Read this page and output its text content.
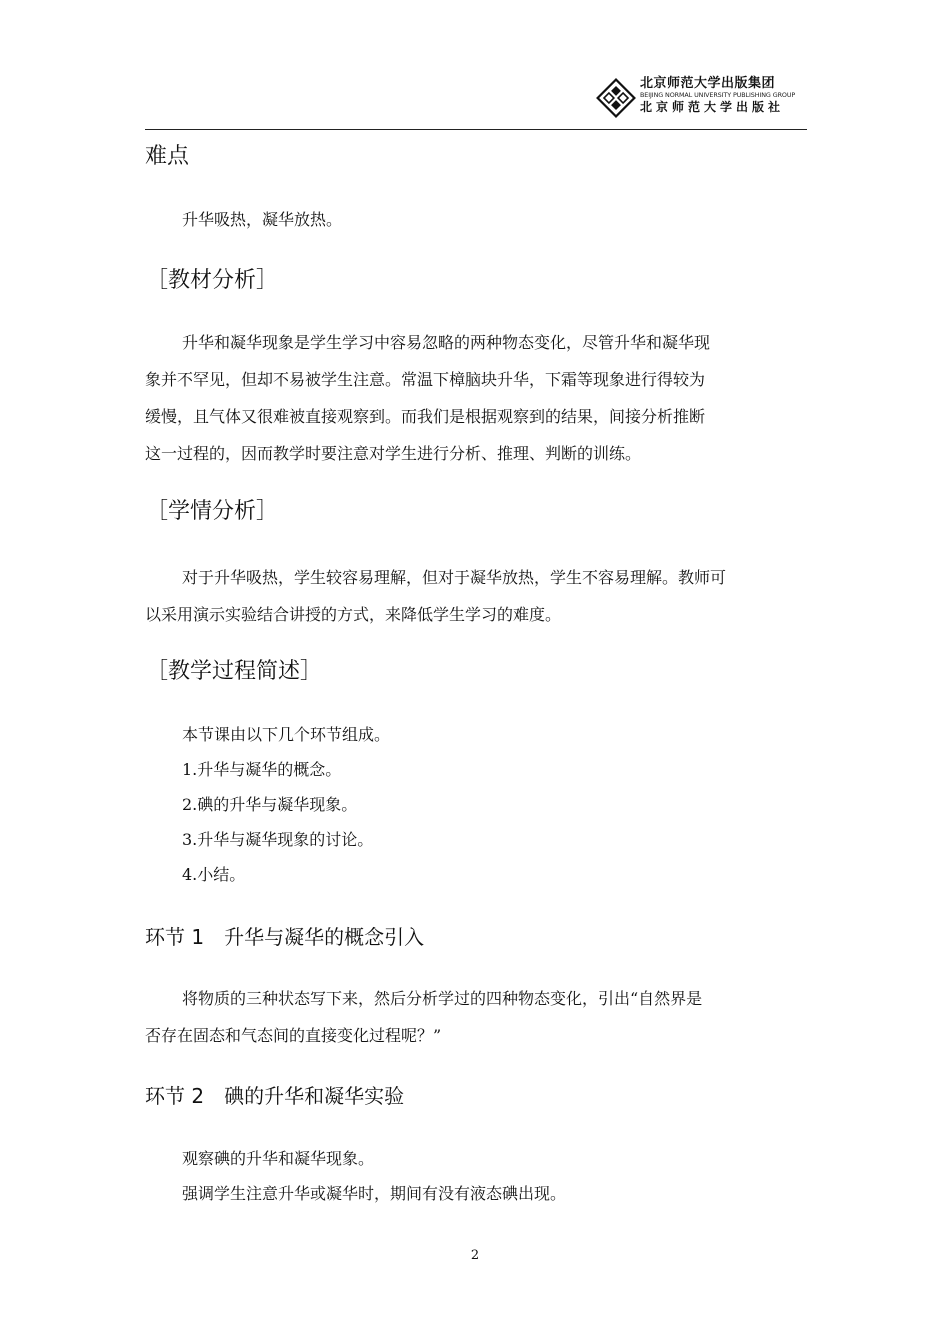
北京师范大学出版集团
BEIJING NORMAL UNIVERSITY PUBLISHING GROUP
北京师范大学出版社
难点
升华吸热，凝华放热。
［教材分析］
升华和凝华现象是学生学习中容易忽略的两种物态变化，尽管升华和凝华现
象并不罕见，但却不易被学生注意。常温下樟脑块升华，下霜等现象进行得较为
缓慢，且气体又很难被直接观察到。而我们是根据观察到的结果，间接分析推断
这一过程的，因而教学时要注意对学生进行分析、推理、判断的训练。
［学情分析］
对于升华吸热，学生较容易理解，但对于凝华放热，学生不容易理解。教师可
以采用演示实验结合讲授的方式，来降低学生学习的难度。
［教学过程简述］
本节课由以下几个环节组成。
1.升华与凝华的概念。
2.碘的升华与凝华现象。
3.升华与凝华现象的讨论。
4.小结。
环节 1　升华与凝华的概念引入
将物质的三种状态写下来，然后分析学过的四种物态变化，引出“自然界是
否存在固态和气态间的直接变化过程呢？”
环节 2　碘的升华和凝华实验
观察碘的升华和凝华现象。
强调学生注意升华或凝华时，期间有没有液态碘出现。
2
